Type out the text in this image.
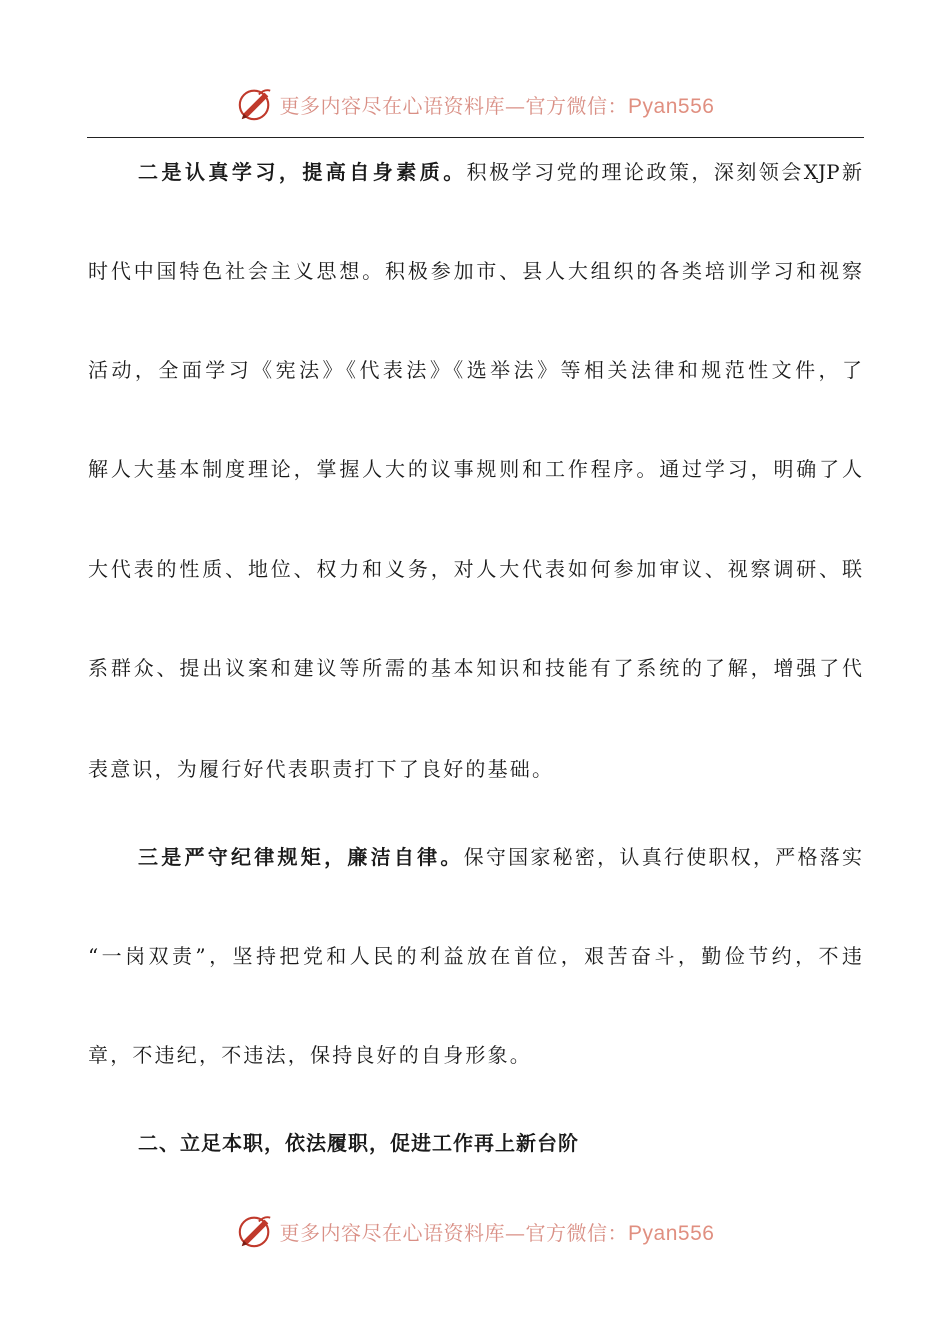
更多内容尽在心语资料库—官方微信：Pyan556
二是认真学习，提高自身素质。积极学习党的理论政策，深刻领会XJP新
时代中国特色社会主义思想。积极参加市、县人大组织的各类培训学习和视察
活动，全面学习《宪法》《代表法》《选举法》等相关法律和规范性文件，了
解人大基本制度理论，掌握人大的议事规则和工作程序。通过学习，明确了人
大代表的性质、地位、权力和义务，对人大代表如何参加审议、视察调研、联
系群众、提出议案和建议等所需的基本知识和技能有了系统的了解，增强了代
表意识，为履行好代表职责打下了良好的基础。
三是严守纪律规矩，廉洁自律。保守国家秘密，认真行使职权，严格落实
“一岗双责”，坚持把党和人民的利益放在首位，艰苦奋斗，勤俭节约，不违
章，不违纪，不违法，保持良好的自身形象。
二、立足本职，依法履职，促进工作再上新台阶
更多内容尽在心语资料库—官方微信：Pyan556
